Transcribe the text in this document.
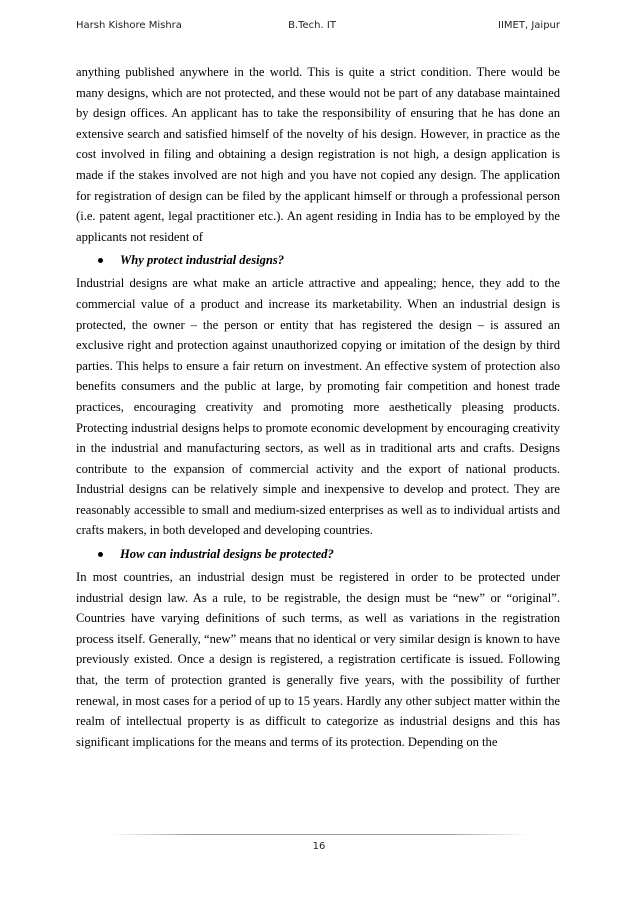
Harsh Kishore Mishra	B.Tech. IT	IIMET, Jaipur

anything published anywhere in the world. This is quite a strict condition. There would be many designs, which are not protected, and these would not be part of any database maintained by design offices. An applicant has to take the responsibility of ensuring that he has done an extensive search and satisfied himself of the novelty of his design. However, in practice as the cost involved in filing and obtaining a design registration is not high, a design application is made if the stakes involved are not high and you have not copied any design. The application for registration of design can be filed by the applicant himself or through a professional person (i.e. patent agent, legal practitioner etc.). An agent residing in India has to be employed by the applicants not resident of

Why protect industrial designs?

Industrial designs are what make an article attractive and appealing; hence, they add to the commercial value of a product and increase its marketability. When an industrial design is protected, the owner – the person or entity that has registered the design – is assured an exclusive right and protection against unauthorized copying or imitation of the design by third parties. This helps to ensure a fair return on investment. An effective system of protection also benefits consumers and the public at large, by promoting fair competition and honest trade practices, encouraging creativity and promoting more aesthetically pleasing products. Protecting industrial designs helps to promote economic development by encouraging creativity in the industrial and manufacturing sectors, as well as in traditional arts and crafts. Designs contribute to the expansion of commercial activity and the export of national products. Industrial designs can be relatively simple and inexpensive to develop and protect. They are reasonably accessible to small and medium-sized enterprises as well as to individual artists and crafts makers, in both developed and developing countries.

How can industrial designs be protected?

In most countries, an industrial design must be registered in order to be protected under industrial design law. As a rule, to be registrable, the design must be “new” or “original”. Countries have varying definitions of such terms, as well as variations in the registration process itself. Generally, “new” means that no identical or very similar design is known to have previously existed. Once a design is registered, a registration certificate is issued. Following that, the term of protection granted is generally five years, with the possibility of further renewal, in most cases for a period of up to 15 years. Hardly any other subject matter within the realm of intellectual property is as difficult to categorize as industrial designs and this has significant implications for the means and terms of its protection. Depending on the

16
